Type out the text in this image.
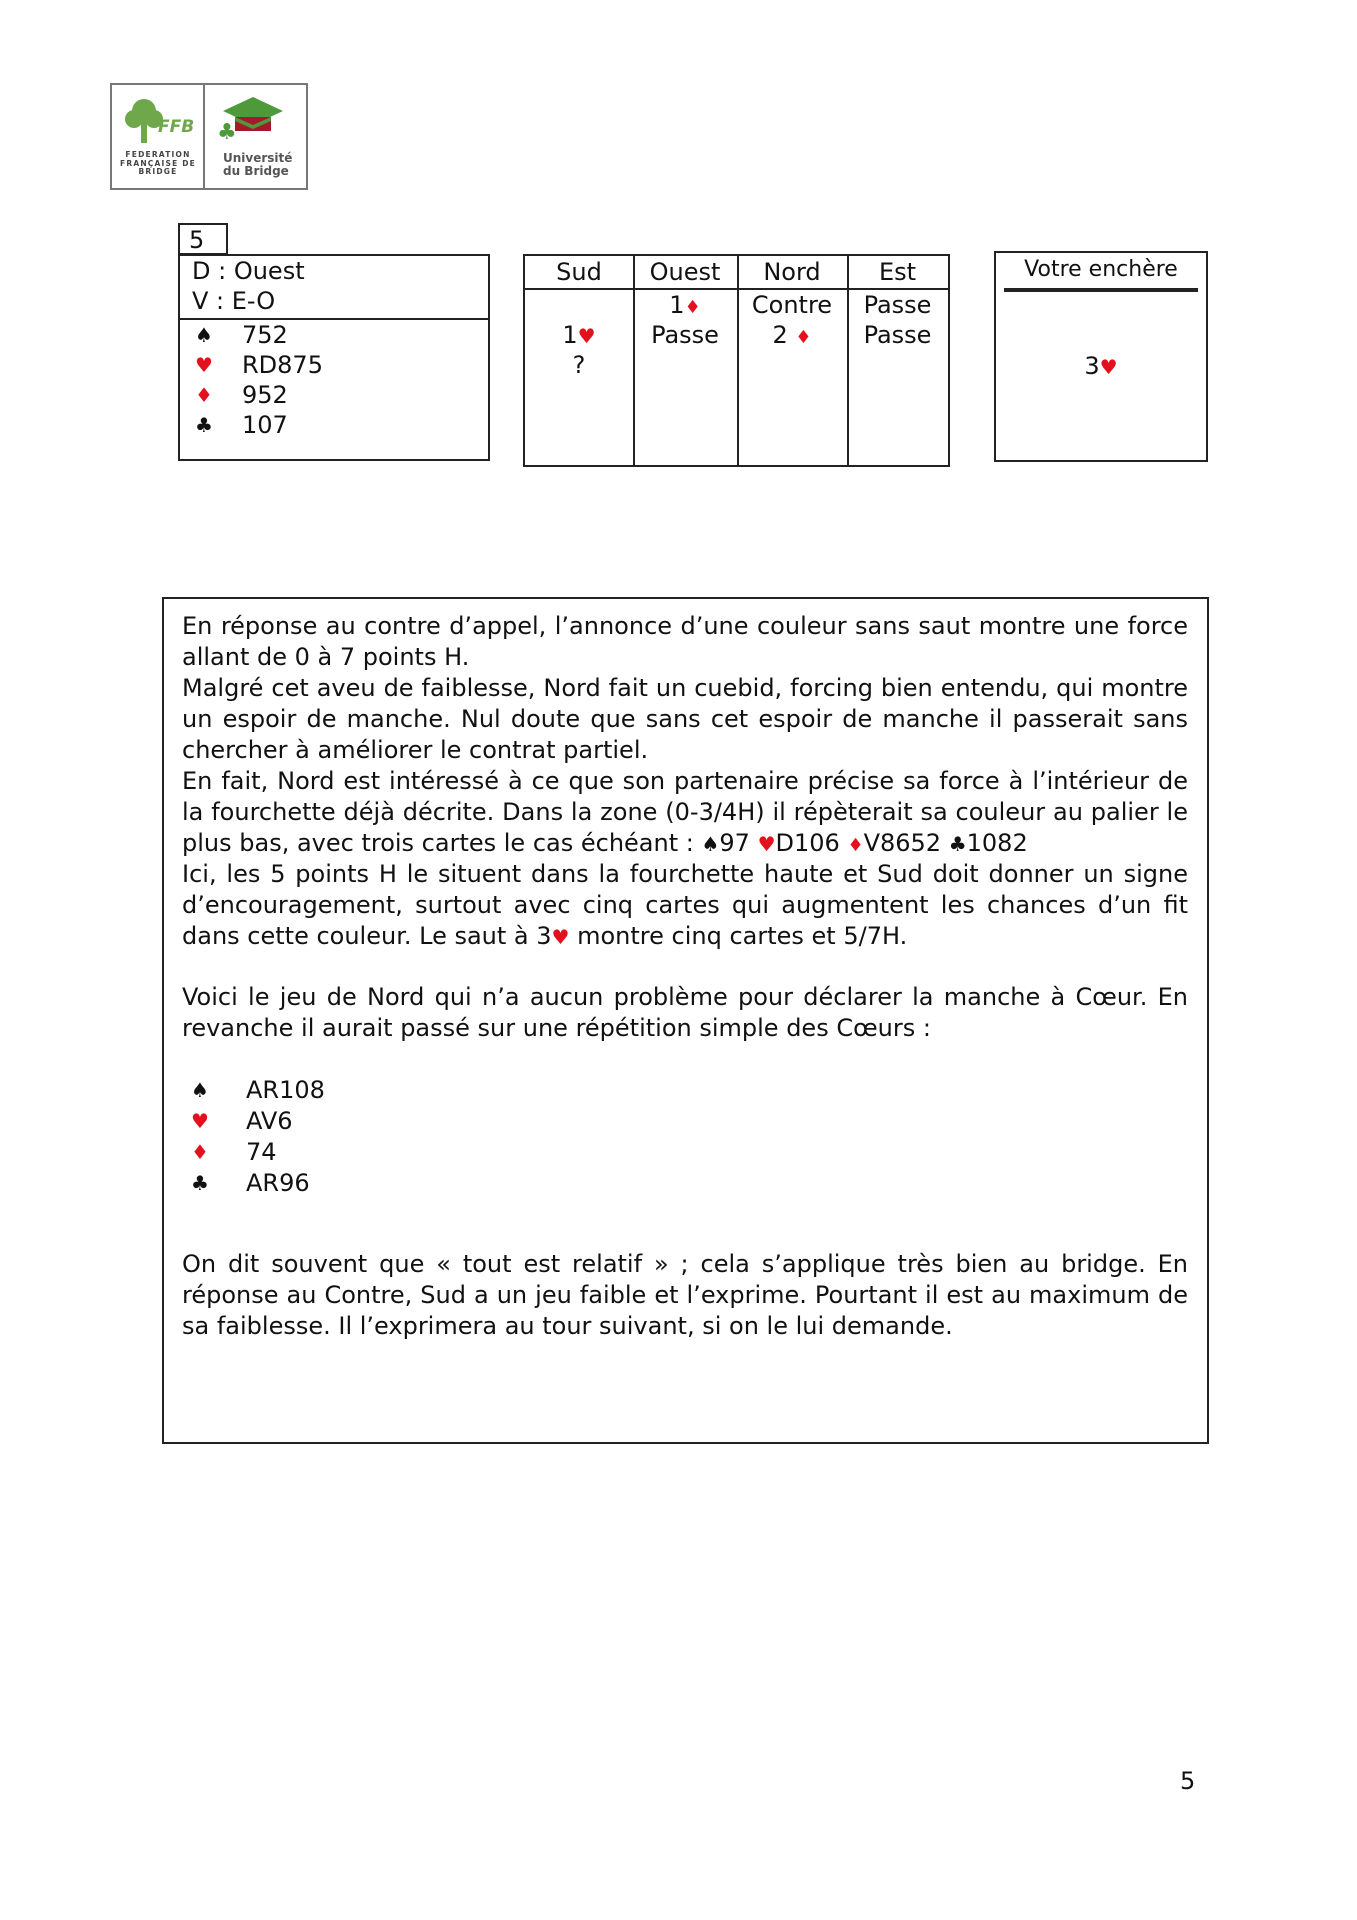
FFB
FEDERATION FRANÇAISE DE BRIDGE
♣
Université
du Bridge
5
D : Ouest
V : E-O
♠ 752
♥ RD875
♦ 952
♣ 107
Sud
1♥
?
Ouest
1♦
Passe
Nord
Contre
2 ♦
Est
Passe
Passe
Votre enchère
3♥

En réponse au contre d’appel, l’annonce d’une couleur sans saut montre une force allant de 0 à 7 points H.

Malgré cet aveu de faiblesse, Nord fait un cuebid, forcing bien entendu, qui montre un espoir de manche. Nul doute que sans cet espoir de manche il passerait sans chercher à améliorer le contrat partiel.

En fait, Nord est intéressé à ce que son partenaire précise sa force à l’intérieur de la fourchette déjà décrite. Dans la zone (0-3/4H) il répèterait sa couleur au palier le plus bas, avec trois cartes le cas échéant : ♠97 ♥D106 ♦V8652 ♣1082

Ici, les 5 points H le situent dans la fourchette haute et Sud doit donner un signe d’encouragement, surtout avec cinq cartes qui augmentent les chances d’un fit dans cette couleur. Le saut à 3♥ montre cinq cartes et 5/7H.

Voici le jeu de Nord qui n’a aucun problème pour déclarer la manche à Cœur. En revanche il aurait passé sur une répétition simple des Cœurs :

♠ AR108
♥ AV6
♦ 74
♣ AR96

On dit souvent que « tout est relatif » ; cela s’applique très bien au bridge. En réponse au Contre, Sud a un jeu faible et l’exprime. Pourtant il est au maximum de sa faiblesse. Il l’exprimera au tour suivant, si on le lui demande.

5
